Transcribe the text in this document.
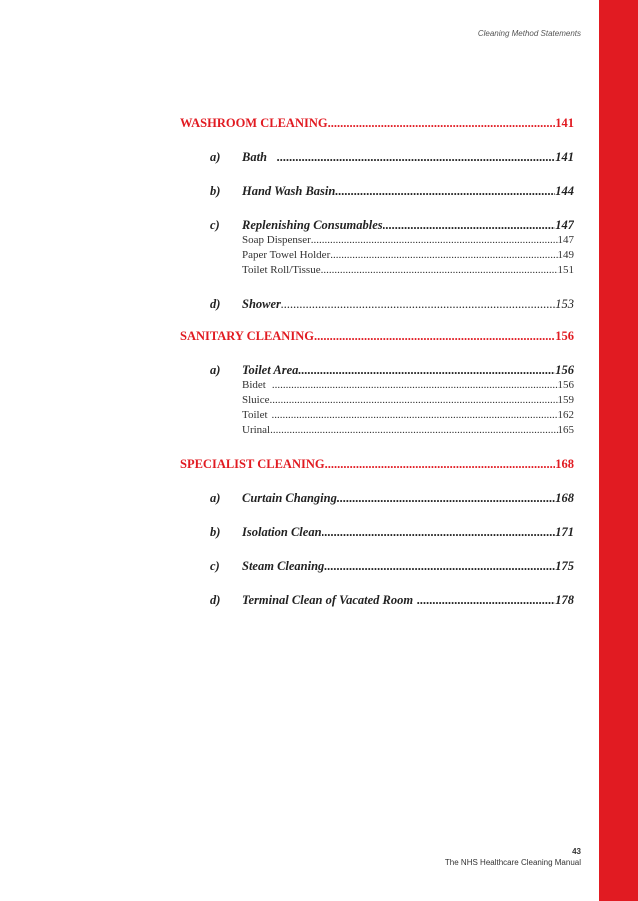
Cleaning Method Statements
WASHROOM CLEANING .....	141
a)	Bath .....	141
b)	Hand Wash Basin .....	144
c)	Replenishing Consumables .....	147
Soap Dispenser .....	147
Paper Towel Holder .....	149
Toilet Roll/Tissue .....	151
d)	Shower .....	153
SANITARY CLEANING .....	156
a)	Toilet Area .....	156
Bidet .....	156
Sluice .....	159
Toilet .....	162
Urinal .....	165
SPECIALIST CLEANING .....	168
a)	Curtain Changing .....	168
b)	Isolation Clean .....	171
c)	Steam Cleaning .....	175
d)	Terminal Clean of Vacated Room .....	178
43
The NHS Healthcare Cleaning Manual
